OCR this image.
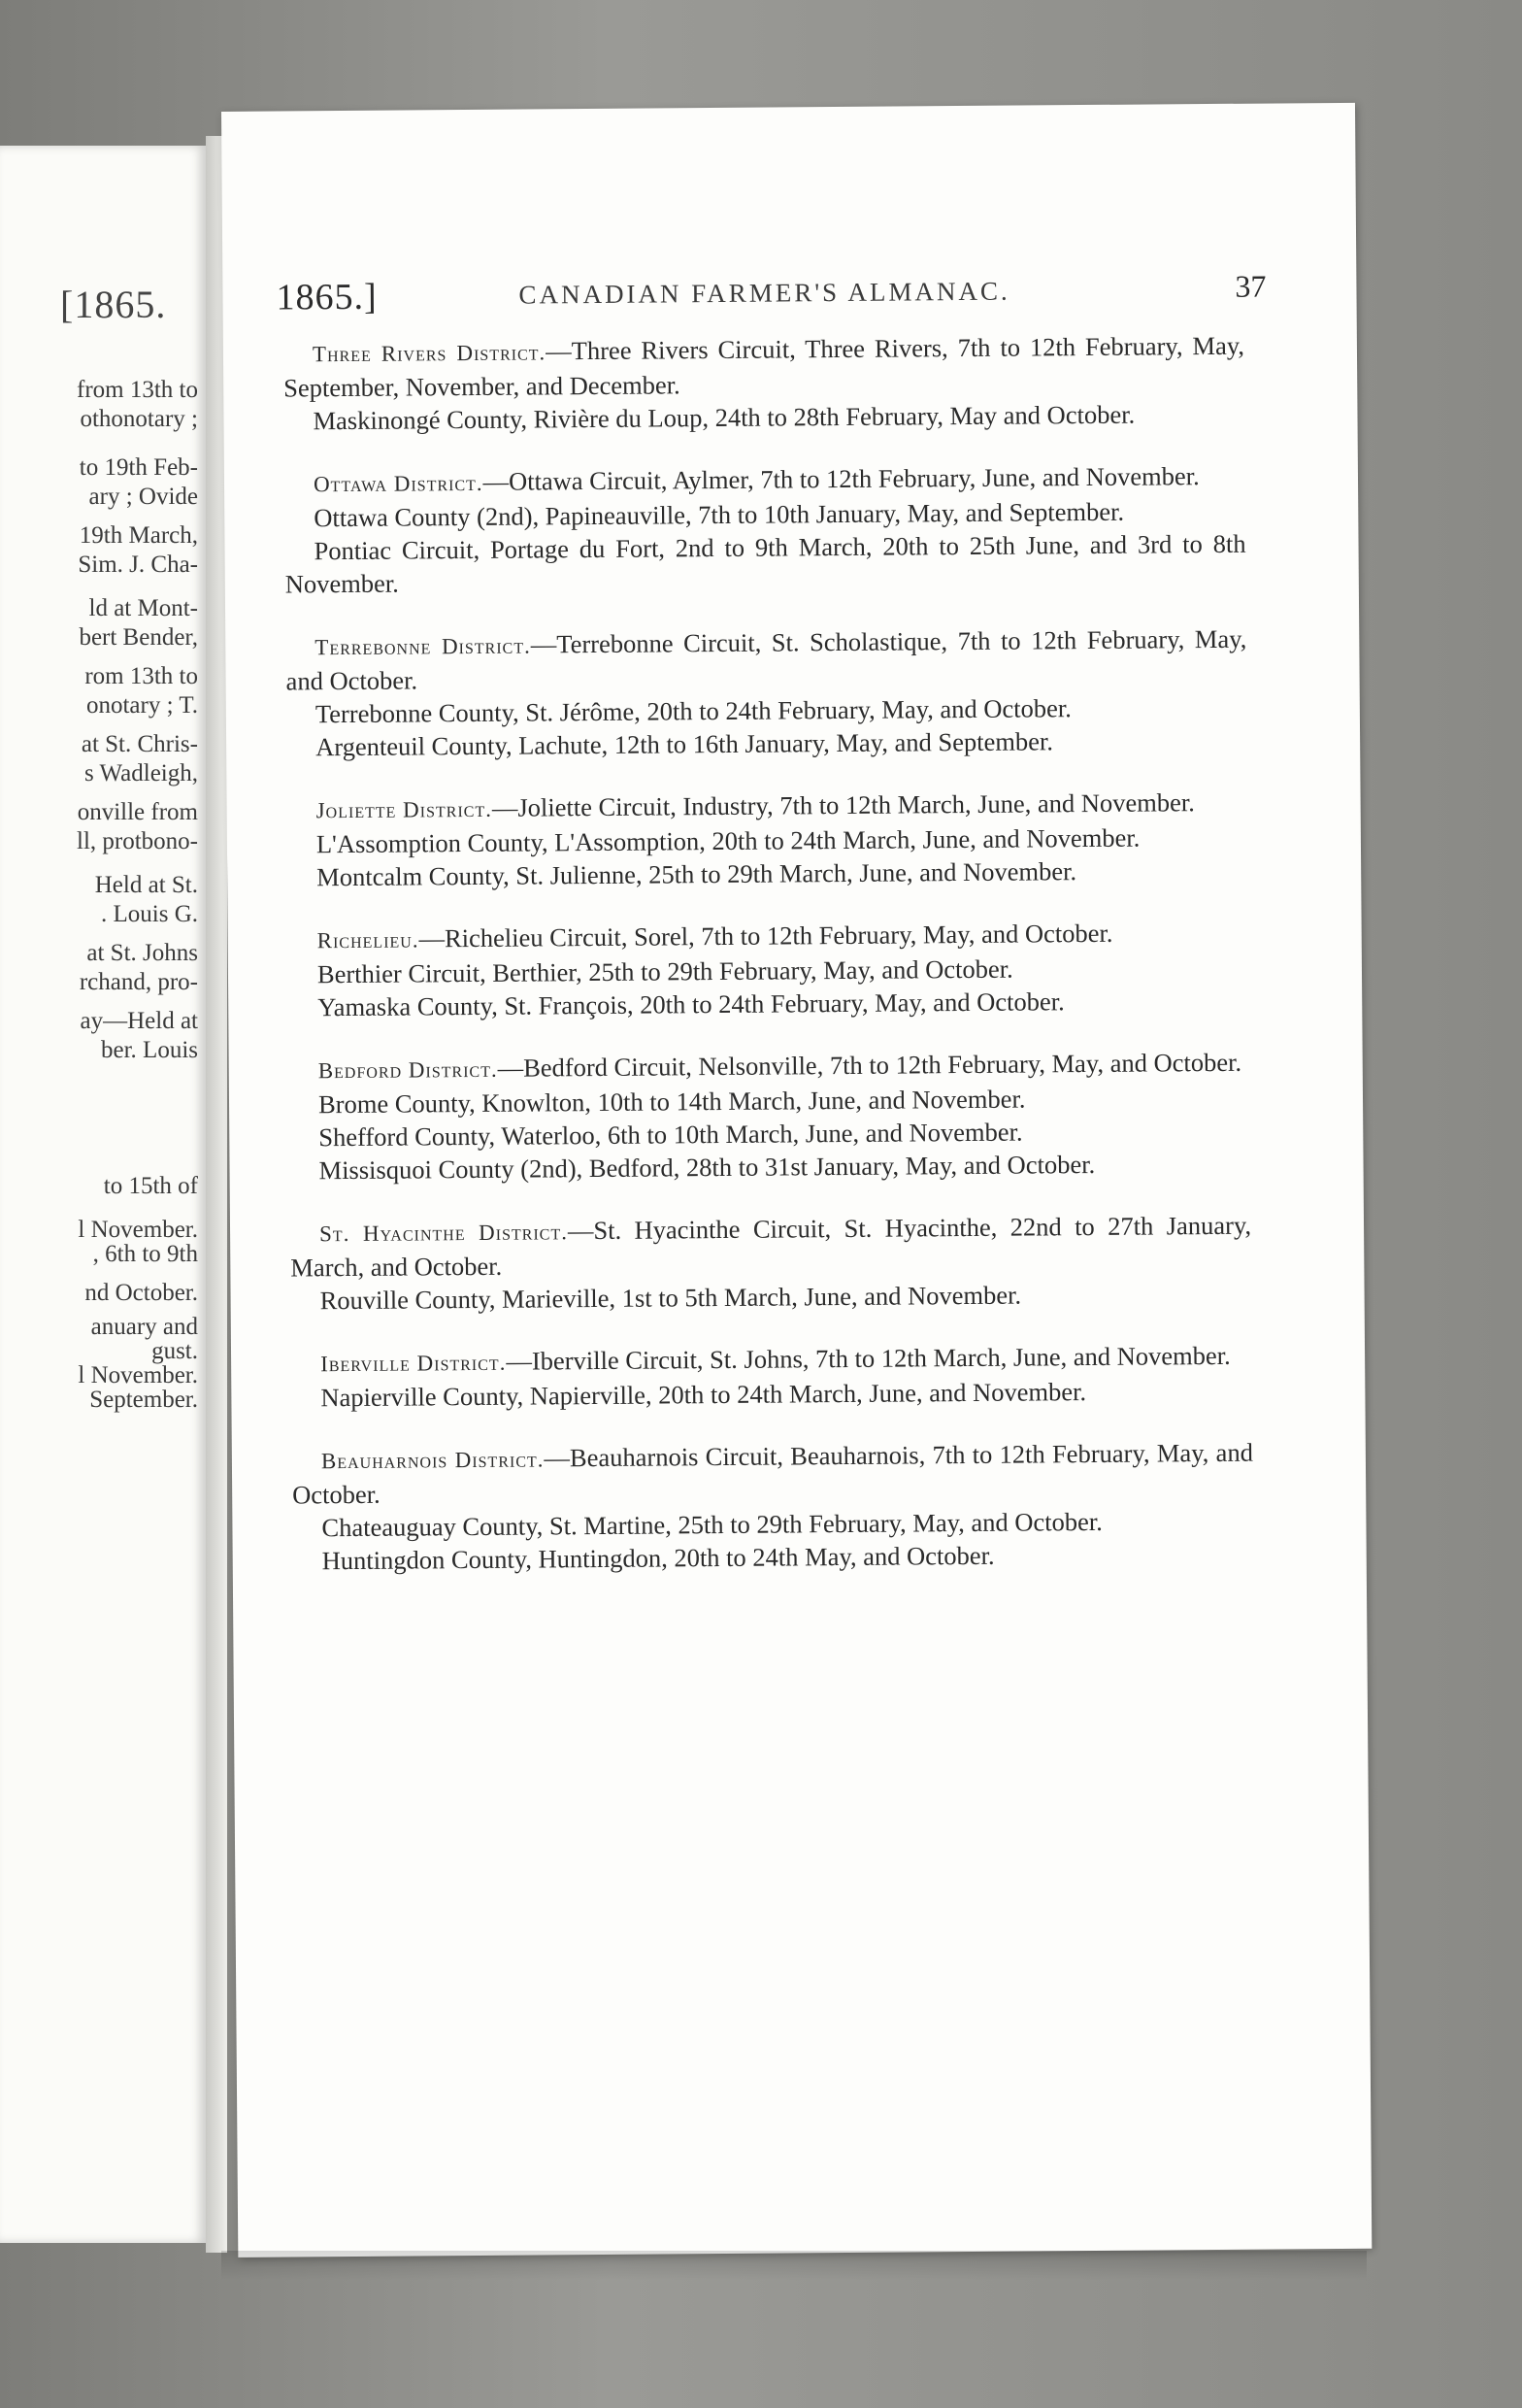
[1865.
from 13th to
othonotary ;
to 19th Feb-
ary ; Ovide
19th March,
Sim. J. Cha-
ld at Mont-
bert Bender,
rom 13th to
onotary ; T.
at St. Chris-
s Wadleigh,
onville from
ll, protbono-
Held at St.
. Louis G.
at St. Johns
rchand, pro-
ay—Held at
ber. Louis
to 15th of
l November.
, 6th to 9th
nd October.
anuary and
gust.
l November.
September.
1865.]	CANADIAN FARMER'S ALMANAC.	37

Three Rivers District.—Three Rivers Circuit, Three Rivers, 7th to 12th February, May, September, November, and December.

Maskinongé County, Rivière du Loup, 24th to 28th February, May and October.

Ottawa District.—Ottawa Circuit, Aylmer, 7th to 12th February, June, and November.

Ottawa County (2nd), Papineauville, 7th to 10th January, May, and September.

Pontiac Circuit, Portage du Fort, 2nd to 9th March, 20th to 25th June, and 3rd to 8th November.

Terrebonne District.—Terrebonne Circuit, St. Scholastique, 7th to 12th February, May, and October.

Terrebonne County, St. Jérôme, 20th to 24th February, May, and October.

Argenteuil County, Lachute, 12th to 16th January, May, and September.

Joliette District.—Joliette Circuit, Industry, 7th to 12th March, June, and November.

L'Assomption County, L'Assomption, 20th to 24th March, June, and November.

Montcalm County, St. Julienne, 25th to 29th March, June, and November.

Richelieu.—Richelieu Circuit, Sorel, 7th to 12th February, May, and October.

Berthier Circuit, Berthier, 25th to 29th February, May, and October.

Yamaska County, St. François, 20th to 24th February, May, and October.

Bedford District.—Bedford Circuit, Nelsonville, 7th to 12th February, May, and October.

Brome County, Knowlton, 10th to 14th March, June, and November.

Shefford County, Waterloo, 6th to 10th March, June, and November.

Missisquoi County (2nd), Bedford, 28th to 31st January, May, and October.

St. Hyacinthe District.—St. Hyacinthe Circuit, St. Hyacinthe, 22nd to 27th January, March, and October.

Rouville County, Marieville, 1st to 5th March, June, and November.

Iberville District.—Iberville Circuit, St. Johns, 7th to 12th March, June, and November.

Napierville County, Napierville, 20th to 24th March, June, and November.

Beauharnois District.—Beauharnois Circuit, Beauharnois, 7th to 12th February, May, and October.

Chateauguay County, St. Martine, 25th to 29th February, May, and October.

Huntingdon County, Huntingdon, 20th to 24th May, and October.
